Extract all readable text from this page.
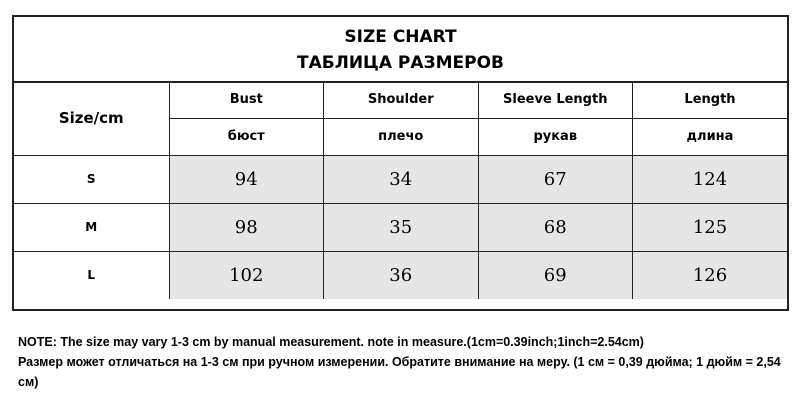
SIZE CHART
ТАБЛИЦА РАЗМЕРОВ
Size/cm	Bust	Shoulder	Sleeve Length	Length
	бюст	плечо	рукав	длина
S	94	34	67	124
M	98	35	68	125
L	102	36	69	126
NOTE: The size may vary 1-3 cm by manual measurement. note in measure.(1cm=0.39inch;1inch=2.54cm)
Размер может отличаться на 1-3 см при ручном измерении. Обратите внимание на меру. (1 см = 0,39 дюйма; 1 дюйм = 2,54 см)
